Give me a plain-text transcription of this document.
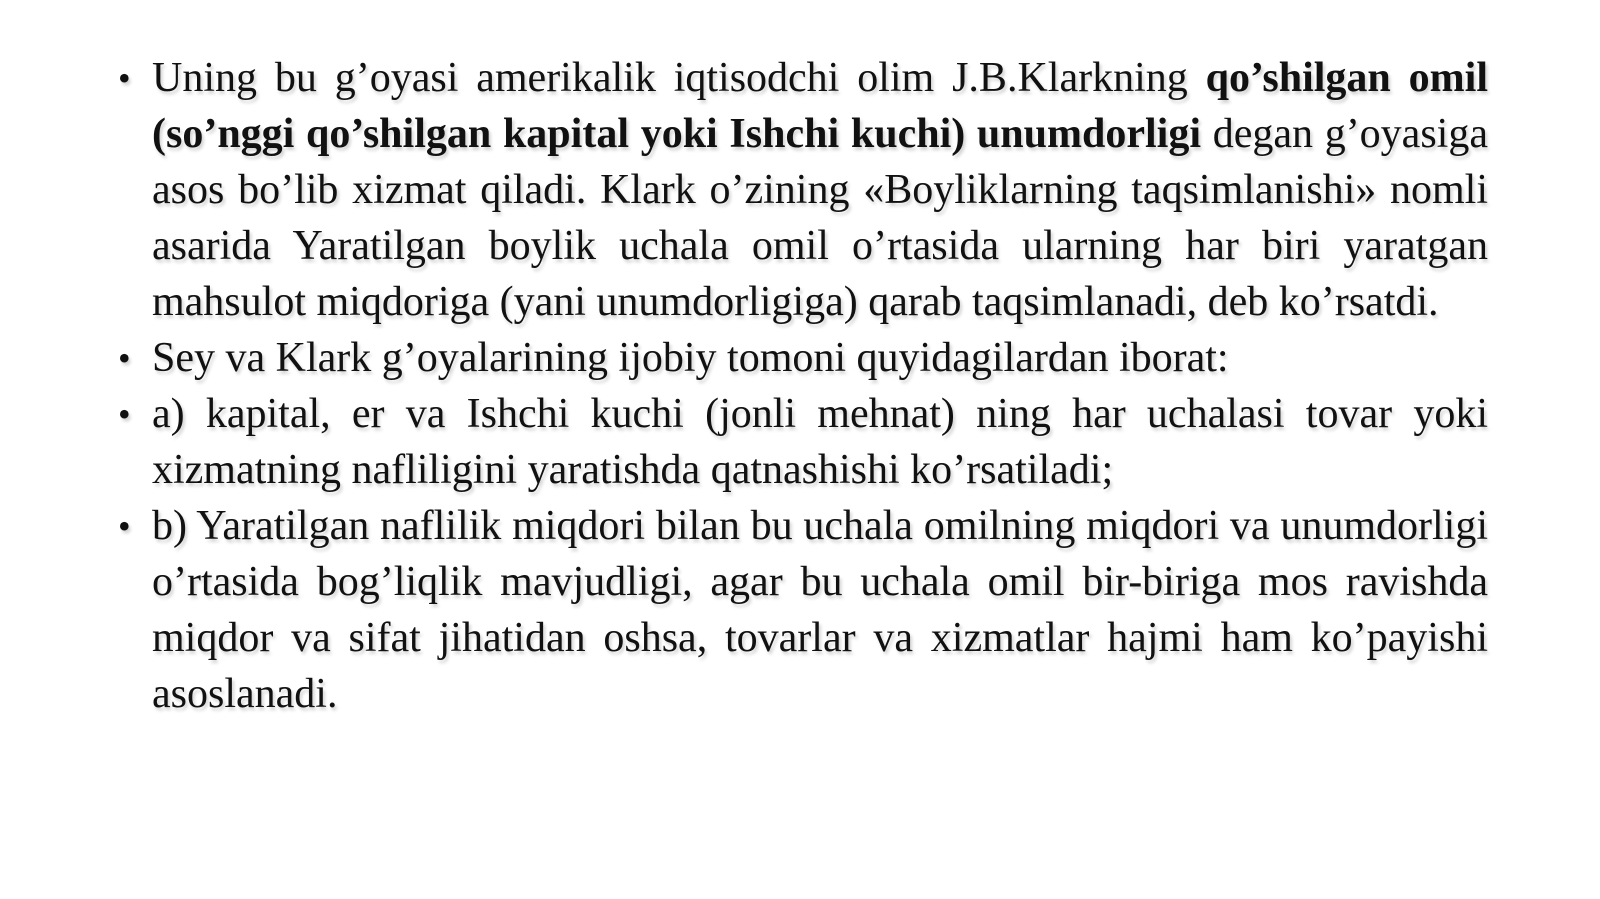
• Uning bu g’oyasi amerikalik iqtisodchi olim J.B.Klarkning qo’shilgan omil (so’nggi qo’shilgan kapital yoki Ishchi kuchi) unumdorligi degan g’oyasiga asos bo’lib xizmat qiladi. Klark o’zining «Boyliklarning taqsimlanishi» nomli asarida Yaratilgan boylik uchala omil o’rtasida ularning har biri yaratgan mahsulot miqdoriga (yani unumdorligiga) qarab taqsimlanadi, deb ko’rsatdi.
• Sey va Klark g’oyalarining ijobiy tomoni quyidagilardan iborat:
• a) kapital, er va Ishchi kuchi (jonli mehnat) ning har uchalasi tovar yoki xizmatning nafliligini yaratishda qatnashishi ko’rsatiladi;
• b) Yaratilgan naflilik miqdori bilan bu uchala omilning miqdori va unumdorligi o’rtasida bog’liqlik mavjudligi, agar bu uchala omil bir-biriga mos ravishda miqdor va sifat jihatidan oshsa, tovarlar va xizmatlar hajmi ham ko’payishi asoslanadi.
